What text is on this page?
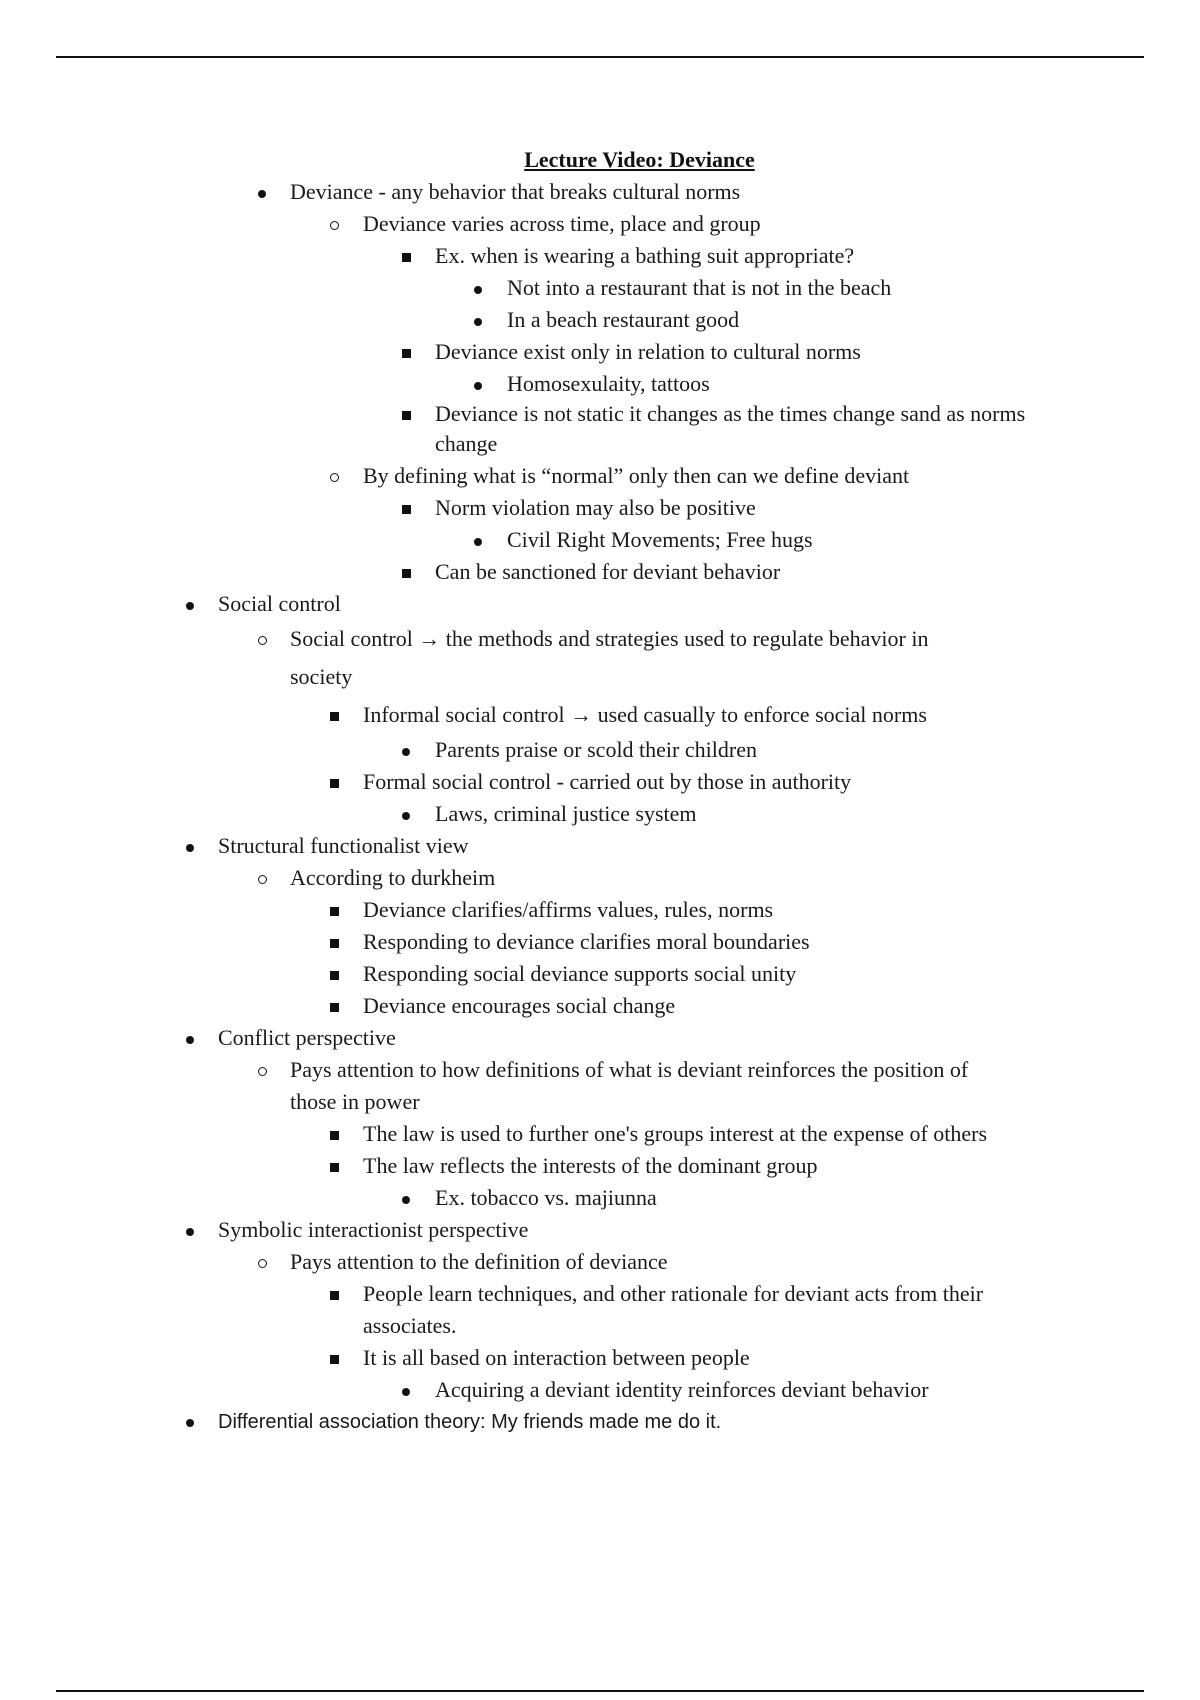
Lecture Video: Deviance
Deviance - any behavior that breaks cultural norms
Deviance varies across time, place and group
Ex. when is wearing a bathing suit appropriate?
Not into a restaurant that is not in the beach
In a beach restaurant good
Deviance exist only in relation to cultural norms
Homosexulaity, tattoos
Deviance is not static it changes as the times change sand as norms
change
By defining what is “normal” only then can we define deviant
Norm violation may also be positive
Civil Right Movements; Free hugs
Can be sanctioned for deviant behavior
Social control
Social control → the methods and strategies used to regulate behavior in
society
Informal social control → used casually to enforce social norms
Parents praise or scold their children
Formal social control - carried out by those in authority
Laws, criminal justice system
Structural functionalist view
According to durkheim
Deviance clarifies/affirms values, rules, norms
Responding to deviance clarifies moral boundaries
Responding social deviance supports social unity
Deviance encourages social change
Conflict perspective
Pays attention to how definitions of what is deviant reinforces the position of
those in power
The law is used to further one's groups interest at the expense of others
The law reflects the interests of the dominant group
Ex. tobacco vs. majiunna
Symbolic interactionist perspective
Pays attention to the definition of deviance
People learn techniques, and other rationale for deviant acts from their
associates.
It is all based on interaction between people
Acquiring a deviant identity reinforces deviant behavior
Differential association theory: My friends made me do it.
